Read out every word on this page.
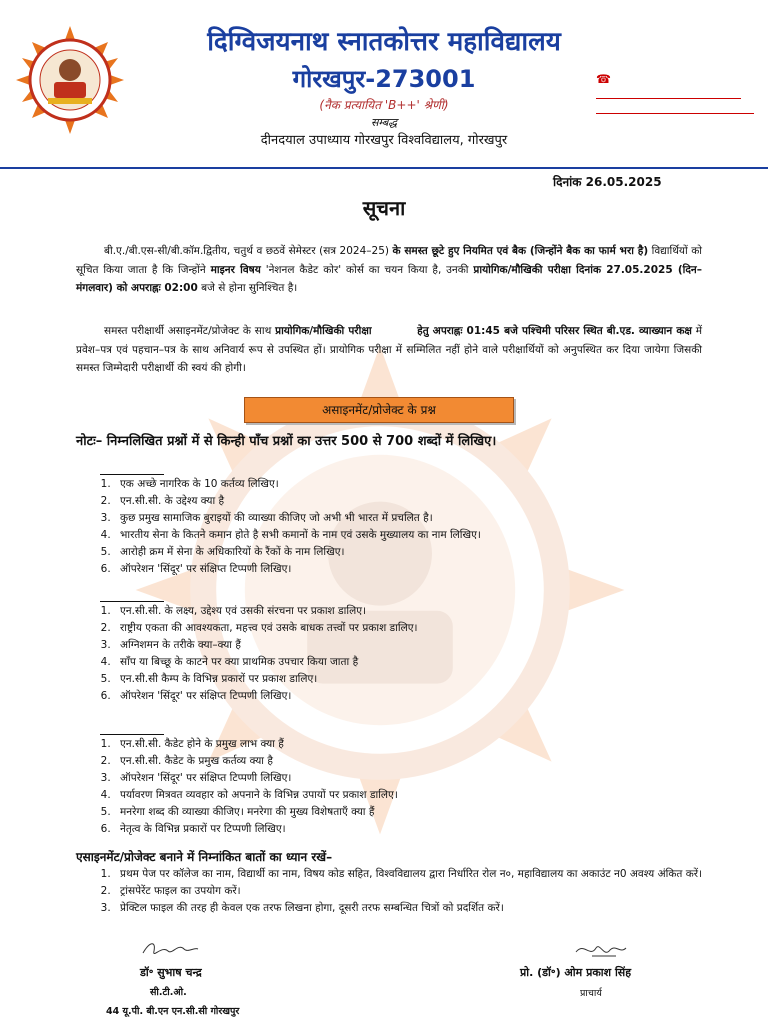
दिग्विजयनाथ स्नातकोत्तर महाविद्यालय
गोरखपुर-273001
(नैक प्रत्यायित 'B++' श्रेणी)
सम्बद्ध
दीनदयाल उपाध्याय गोरखपुर विश्वविद्यालय, गोरखपुर
☎
दिनांक 26.05.2025
सूचना
बी.ए./बी.एस-सी/बी.कॉम.द्वितीय, चतुर्थ व छठवें सेमेस्टर (सत्र 2024–25) के समस्त छूटे हुए नियमित एवं बैक (जिन्होंने बैक का फार्म भरा है) विद्यार्थियों को सूचित किया जाता है कि जिन्होंने माइनर विषय 'नेशनल कैडेट कोर' कोर्स का चयन किया है, उनकी प्रायोगिक/मौखिकी परीक्षा दिनांक 27.05.2025 (दिन–मंगलवार) को अपराह्नः 02:00 बजे से होना सुनिश्चित है।
समस्त परीक्षार्थी असाइनमेंट/प्रोजेक्ट के साथ प्रायोगिक/मौखिकी परीक्षा	हेतु अपराह्नः 01:45 बजे पश्चिमी परिसर स्थित बी.एड. व्याख्यान कक्ष में प्रवेश–पत्र एवं पहचान–पत्र के साथ अनिवार्य रूप से उपस्थित हों। प्रायोगिक परीक्षा में सम्मिलित नहीं होने वाले परीक्षार्थियों को अनुपस्थित कर दिया जायेगा जिसकी समस्त जिम्मेदारी परीक्षार्थी की स्वयं की होगी।
असाइनमेंट/प्रोजेक्ट के प्रश्न
नोटः– निम्नलिखित प्रश्नों में से किन्ही पाँच प्रश्नों का उत्तर 500 से 700 शब्दों में लिखिए।
1. एक अच्छे नागरिक के 10 कर्तव्य लिखिए।
2. एन.सी.सी. के उद्देश्य क्या है
3. कुछ प्रमुख सामाजिक बुराइयों की व्याख्या कीजिए जो अभी भी भारत में प्रचलित है।
4. भारतीय सेना के कितने कमान होते है सभी कमानों के नाम एवं उसके मुख्यालय का नाम लिखिए।
5. आरोही क्रम में सेना के अधिकारियों के रैंकों के नाम लिखिए।
6. ऑपरेशन 'सिंदूर' पर संक्षिप्त टिप्पणी लिखिए।
1. एन.सी.सी. के लक्ष्य, उद्देश्य एवं उसकी संरचना पर प्रकाश डालिए।
2. राष्ट्रीय एकता की आवश्यकता, महत्त्व एवं उसके बाधक तत्त्वों पर प्रकाश डालिए।
3. अग्निशमन के तरीके क्या–क्या हैं
4. साँप या बिच्छू के काटने पर क्या प्राथमिक उपचार किया जाता है
5. एन.सी.सी कैम्प के विभिन्न प्रकारों पर प्रकाश डालिए।
6. ऑपरेशन 'सिंदूर' पर संक्षिप्त टिप्पणी लिखिए।
1. एन.सी.सी. कैडेट होने के प्रमुख लाभ क्या हैं
2. एन.सी.सी. कैडेट के प्रमुख कर्तव्य क्या है
3. ऑपरेशन 'सिंदूर' पर संक्षिप्त टिप्पणी लिखिए।
4. पर्यावरण मित्रवत व्यवहार को अपनाने के विभिन्न उपायों पर प्रकाश डालिए।
5. मनरेगा शब्द की व्याख्या कीजिए। मनरेगा की मुख्य विशेषताएँ क्या हैं
6. नेतृत्व के विभिन्न प्रकारों पर टिप्पणी लिखिए।
एसाइनमेंट/प्रोजेक्ट बनाने में निम्नांकित बातों का ध्यान रखें–
1. प्रथम पेज पर कॉलेज का नाम, विद्यार्थी का नाम, विषय कोड सहित, विश्वविद्यालय द्वारा निर्धारित रोल न०, महाविद्यालय का अकाउंट न0 अवश्य अंकित करें।
2. ट्रांसपेरेंट फाइल का उपयोग करें।
3. प्रेक्टिल फाइल की तरह ही केवल एक तरफ लिखना होगा, दूसरी तरफ सम्बन्धित चित्रों को प्रदर्शित करें।
डॉ॰ सुभाष चन्द्र	प्रो. (डॉ॰) ओम प्रकाश सिंह
सी.टी.ओ.	प्राचार्य
44 यू.पी. बी.एन एन.सी.सी गोरखपुर
